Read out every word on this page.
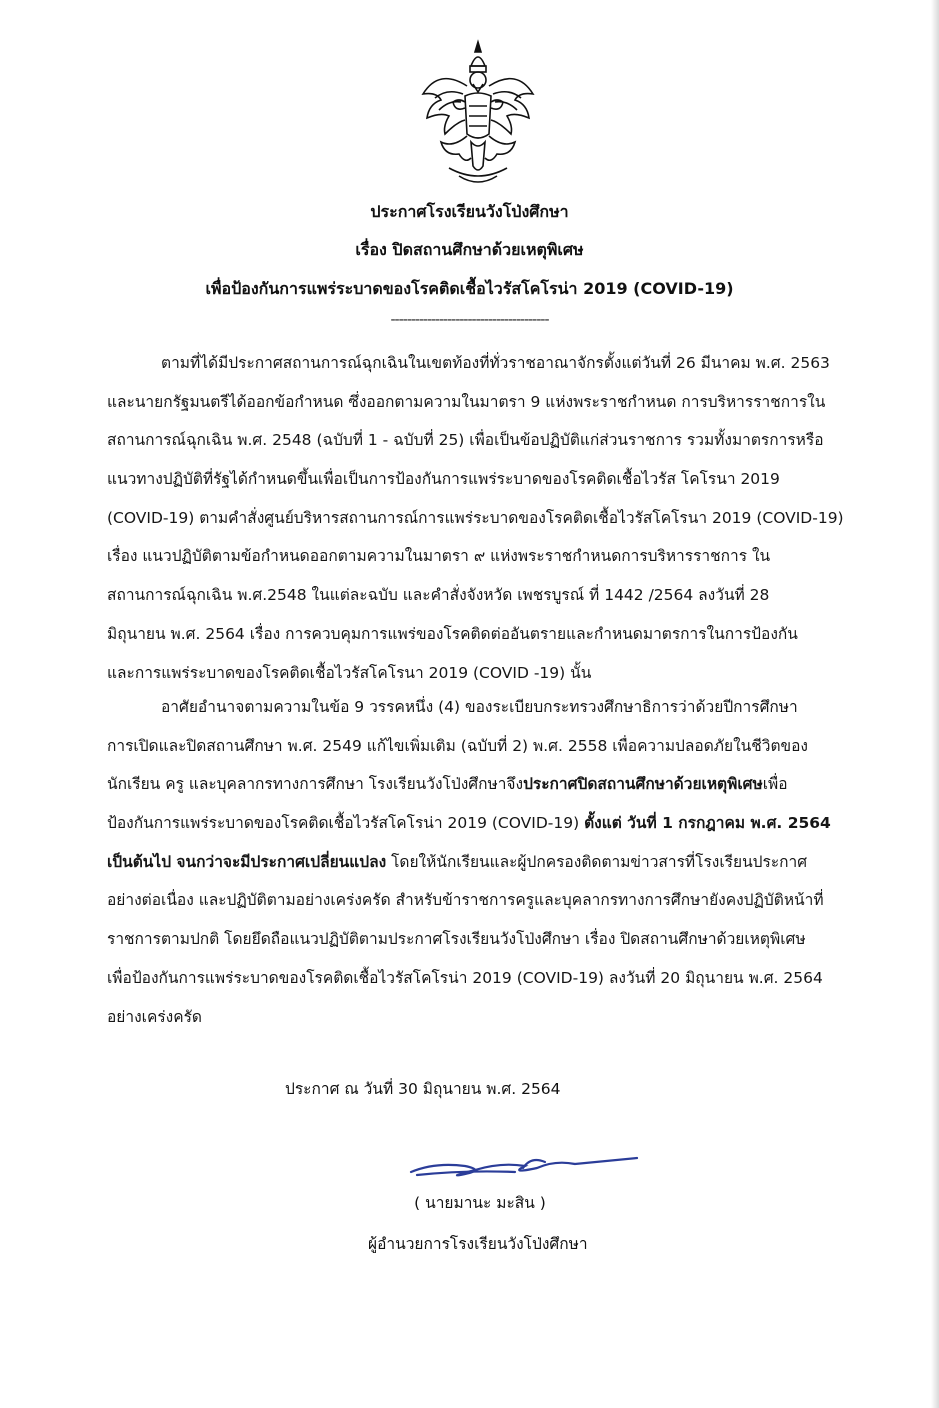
ประกาศโรงเรียนวังโป่งศึกษา
เรื่อง ปิดสถานศึกษาด้วยเหตุพิเศษ
เพื่อป้องกันการแพร่ระบาดของโรคติดเชื้อไวรัสโคโรน่า 2019 (COVID-19)
---------------------------------------
ตามที่ได้มีประกาศสถานการณ์ฉุกเฉินในเขตท้องที่ทั่วราชอาณาจักรตั้งแต่วันที่ 26 มีนาคม พ.ศ. 2563
และนายกรัฐมนตรีได้ออกข้อกำหนด ซึ่งออกตามความในมาตรา 9 แห่งพระราชกำหนด การบริหารราชการใน
สถานการณ์ฉุกเฉิน พ.ศ. 2548 (ฉบับที่ 1 - ฉบับที่ 25) เพื่อเป็นข้อปฏิบัติแก่ส่วนราชการ รวมทั้งมาตรการหรือ
แนวทางปฏิบัติที่รัฐได้กำหนดขึ้นเพื่อเป็นการป้องกันการแพร่ระบาดของโรคติดเชื้อไวรัส โคโรนา 2019
(COVID-19) ตามคำสั่งศูนย์บริหารสถานการณ์การแพร่ระบาดของโรคติดเชื้อไวรัสโคโรนา 2019 (COVID-19)
เรื่อง แนวปฏิบัติตามข้อกำหนดออกตามความในมาตรา ๙ แห่งพระราชกำหนดการบริหารราชการ ใน
สถานการณ์ฉุกเฉิน พ.ศ.2548 ในแต่ละฉบับ และคำสั่งจังหวัด เพชรบูรณ์ ที่ 1442 /2564 ลงวันที่ 28
มิถุนายน พ.ศ. 2564 เรื่อง การควบคุมการแพร่ของโรคติดต่ออันตรายและกำหนดมาตรการในการป้องกัน
และการแพร่ระบาดของโรคติดเชื้อไวรัสโคโรนา 2019 (COVID -19) นั้น
อาศัยอำนาจตามความในข้อ 9 วรรคหนึ่ง (4) ของระเบียบกระทรวงศึกษาธิการว่าด้วยปีการศึกษา
การเปิดและปิดสถานศึกษา พ.ศ. 2549 แก้ไขเพิ่มเติม (ฉบับที่ 2) พ.ศ. 2558 เพื่อความปลอดภัยในชีวิตของ
นักเรียน ครู และบุคลากรทางการศึกษา โรงเรียนวังโป่งศึกษาจึงประกาศปิดสถานศึกษาด้วยเหตุพิเศษเพื่อ
ป้องกันการแพร่ระบาดของโรคติดเชื้อไวรัสโคโรน่า 2019 (COVID-19) ตั้งแต่ วันที่ 1 กรกฎาคม พ.ศ. 2564
เป็นต้นไป จนกว่าจะมีประกาศเปลี่ยนแปลง โดยให้นักเรียนและผู้ปกครองติดตามข่าวสารที่โรงเรียนประกาศ
อย่างต่อเนื่อง และปฏิบัติตามอย่างเคร่งครัด สำหรับข้าราชการครูและบุคลากรทางการศึกษายังคงปฏิบัติหน้าที่
ราชการตามปกติ โดยยึดถือแนวปฏิบัติตามประกาศโรงเรียนวังโป่งศึกษา เรื่อง ปิดสถานศึกษาด้วยเหตุพิเศษ
เพื่อป้องกันการแพร่ระบาดของโรคติดเชื้อไวรัสโคโรน่า 2019 (COVID-19) ลงวันที่ 20 มิถุนายน พ.ศ. 2564
อย่างเคร่งครัด
ประกาศ ณ วันที่ 30 มิถุนายน พ.ศ. 2564
( นายมานะ มะสิน )
ผู้อำนวยการโรงเรียนวังโป่งศึกษา
